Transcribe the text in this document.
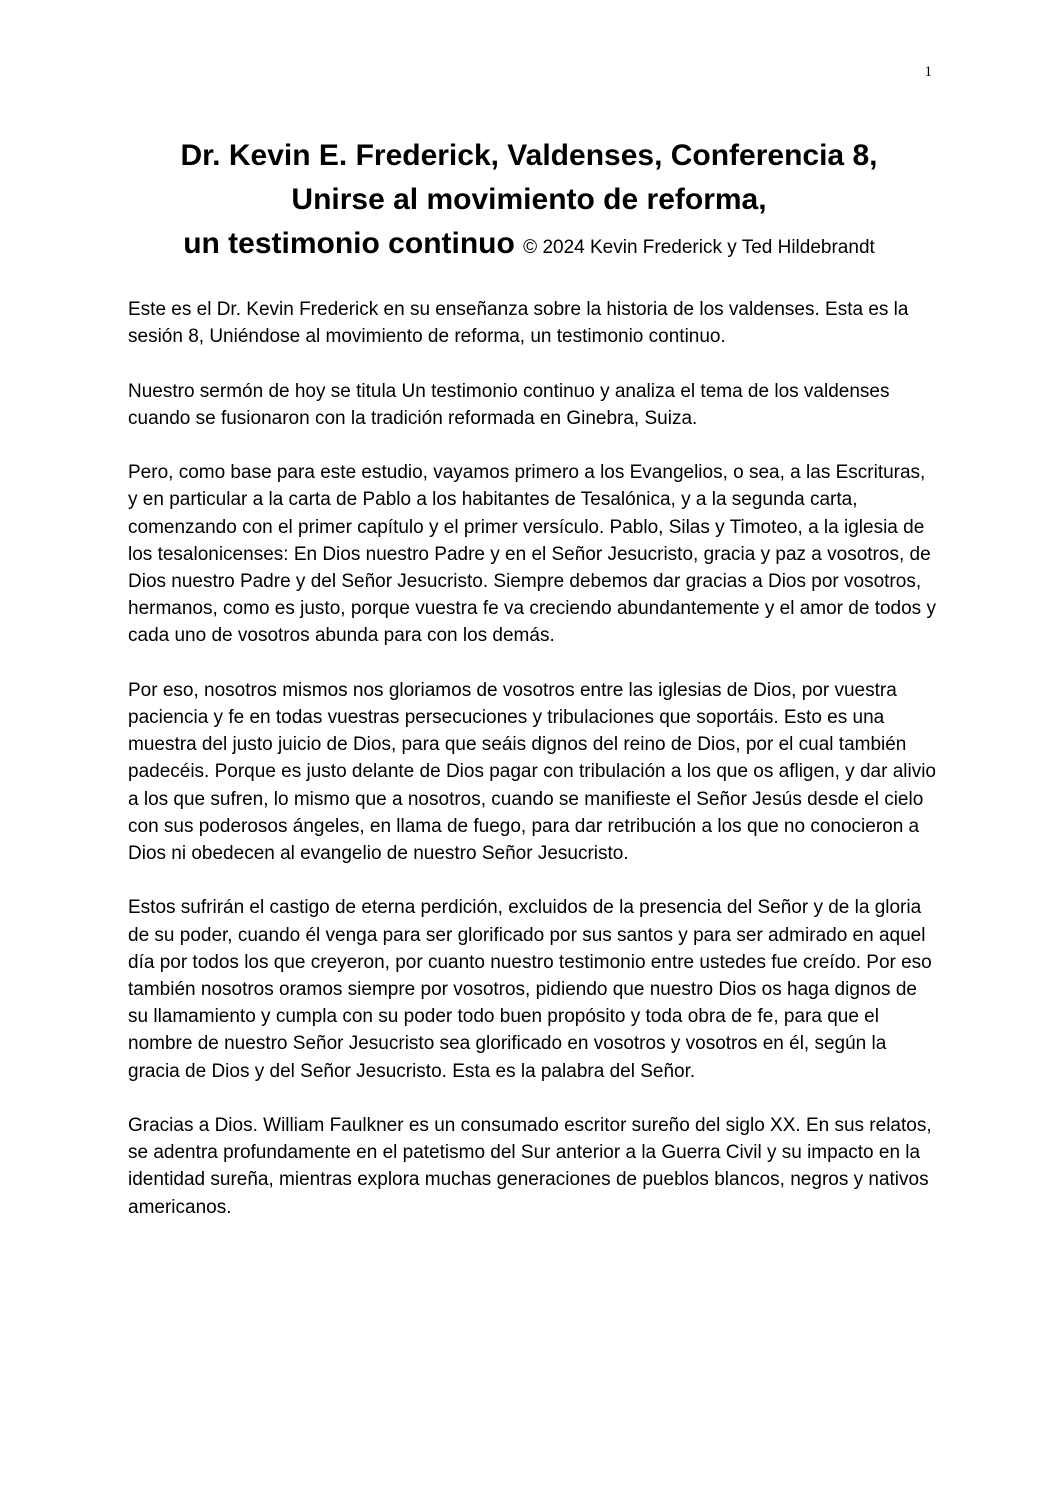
1
Dr. Kevin E. Frederick, Valdenses, Conferencia 8,
Unirse al movimiento de reforma,
un testimonio continuo © 2024 Kevin Frederick y Ted Hildebrandt

Este es el Dr. Kevin Frederick en su enseñanza sobre la historia de los valdenses. Esta es la sesión 8, Uniéndose al movimiento de reforma, un testimonio continuo.

Nuestro sermón de hoy se titula Un testimonio continuo y analiza el tema de los valdenses cuando se fusionaron con la tradición reformada en Ginebra, Suiza.

Pero, como base para este estudio, vayamos primero a los Evangelios, o sea, a las Escrituras, y en particular a la carta de Pablo a los habitantes de Tesalónica, y a la segunda carta, comenzando con el primer capítulo y el primer versículo. Pablo, Silas y Timoteo, a la iglesia de los tesalonicenses: En Dios nuestro Padre y en el Señor Jesucristo, gracia y paz a vosotros, de Dios nuestro Padre y del Señor Jesucristo. Siempre debemos dar gracias a Dios por vosotros, hermanos, como es justo, porque vuestra fe va creciendo abundantemente y el amor de todos y cada uno de vosotros abunda para con los demás.

Por eso, nosotros mismos nos gloriamos de vosotros entre las iglesias de Dios, por vuestra paciencia y fe en todas vuestras persecuciones y tribulaciones que soportáis. Esto es una muestra del justo juicio de Dios, para que seáis dignos del reino de Dios, por el cual también padecéis. Porque es justo delante de Dios pagar con tribulación a los que os afligen, y dar alivio a los que sufren, lo mismo que a nosotros, cuando se manifieste el Señor Jesús desde el cielo con sus poderosos ángeles, en llama de fuego, para dar retribución a los que no conocieron a Dios ni obedecen al evangelio de nuestro Señor Jesucristo.

Estos sufrirán el castigo de eterna perdición, excluidos de la presencia del Señor y de la gloria de su poder, cuando él venga para ser glorificado por sus santos y para ser admirado en aquel día por todos los que creyeron, por cuanto nuestro testimonio entre ustedes fue creído. Por eso también nosotros oramos siempre por vosotros, pidiendo que nuestro Dios os haga dignos de su llamamiento y cumpla con su poder todo buen propósito y toda obra de fe, para que el nombre de nuestro Señor Jesucristo sea glorificado en vosotros y vosotros en él, según la gracia de Dios y del Señor Jesucristo. Esta es la palabra del Señor.

Gracias a Dios. William Faulkner es un consumado escritor sureño del siglo XX. En sus relatos, se adentra profundamente en el patetismo del Sur anterior a la Guerra Civil y su impacto en la identidad sureña, mientras explora muchas generaciones de pueblos blancos, negros y nativos americanos.
